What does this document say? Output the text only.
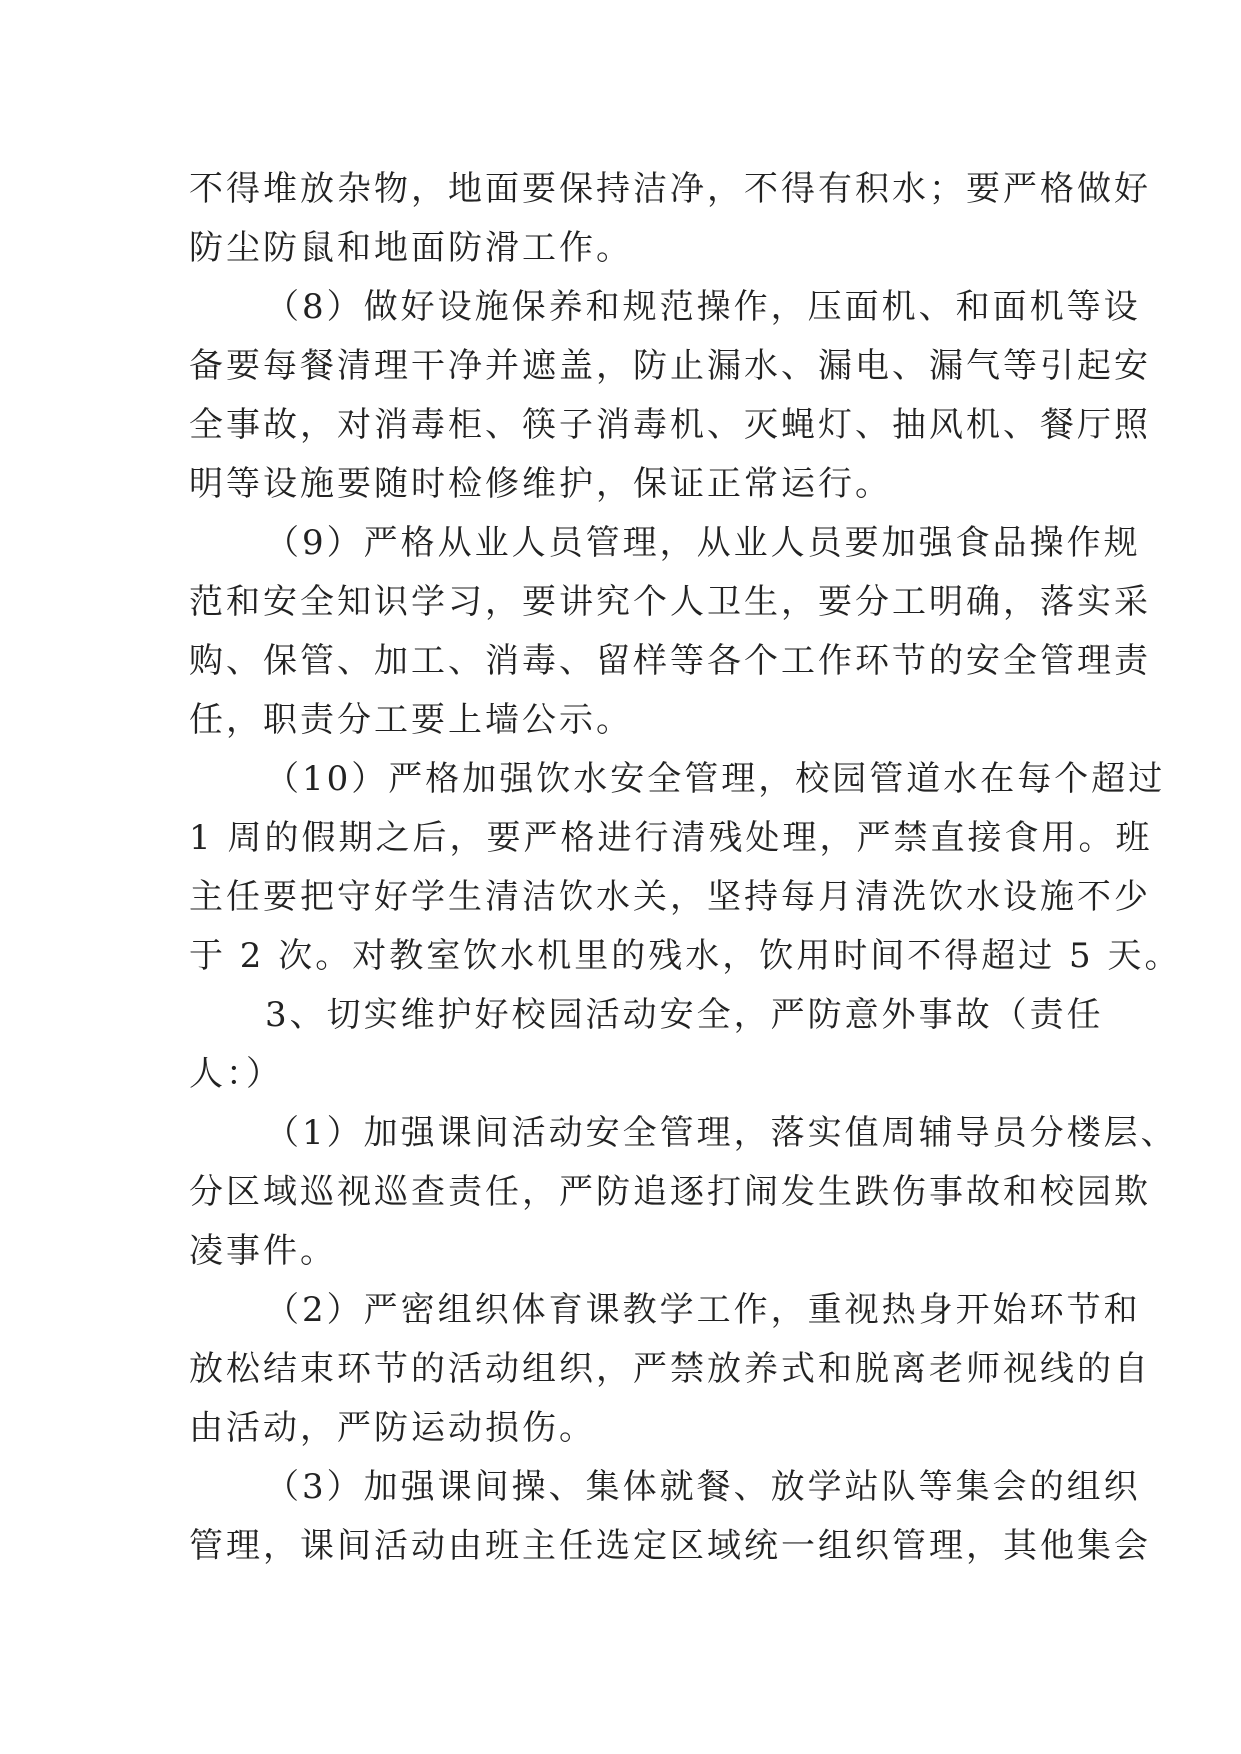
不得堆放杂物，地面要保持洁净，不得有积水；要严格做好
防尘防鼠和地面防滑工作。
（8）做好设施保养和规范操作，压面机、和面机等设
备要每餐清理干净并遮盖，防止漏水、漏电、漏气等引起安
全事故，对消毒柜、筷子消毒机、灭蝇灯、抽风机、餐厅照
明等设施要随时检修维护，保证正常运行。
（9）严格从业人员管理，从业人员要加强食品操作规
范和安全知识学习，要讲究个人卫生，要分工明确，落实采
购、保管、加工、消毒、留样等各个工作环节的安全管理责
任，职责分工要上墙公示。
（10）严格加强饮水安全管理，校园管道水在每个超过
1 周的假期之后，要严格进行清残处理，严禁直接食用。班
主任要把守好学生清洁饮水关，坚持每月清洗饮水设施不少
于 2 次。对教室饮水机里的残水，饮用时间不得超过 5 天。
3、切实维护好校园活动安全，严防意外事故（责任
人：）
（1）加强课间活动安全管理，落实值周辅导员分楼层、
分区域巡视巡查责任，严防追逐打闹发生跌伤事故和校园欺
凌事件。
（2）严密组织体育课教学工作，重视热身开始环节和
放松结束环节的活动组织，严禁放养式和脱离老师视线的自
由活动，严防运动损伤。
（3）加强课间操、集体就餐、放学站队等集会的组织
管理，课间活动由班主任选定区域统一组织管理，其他集会
